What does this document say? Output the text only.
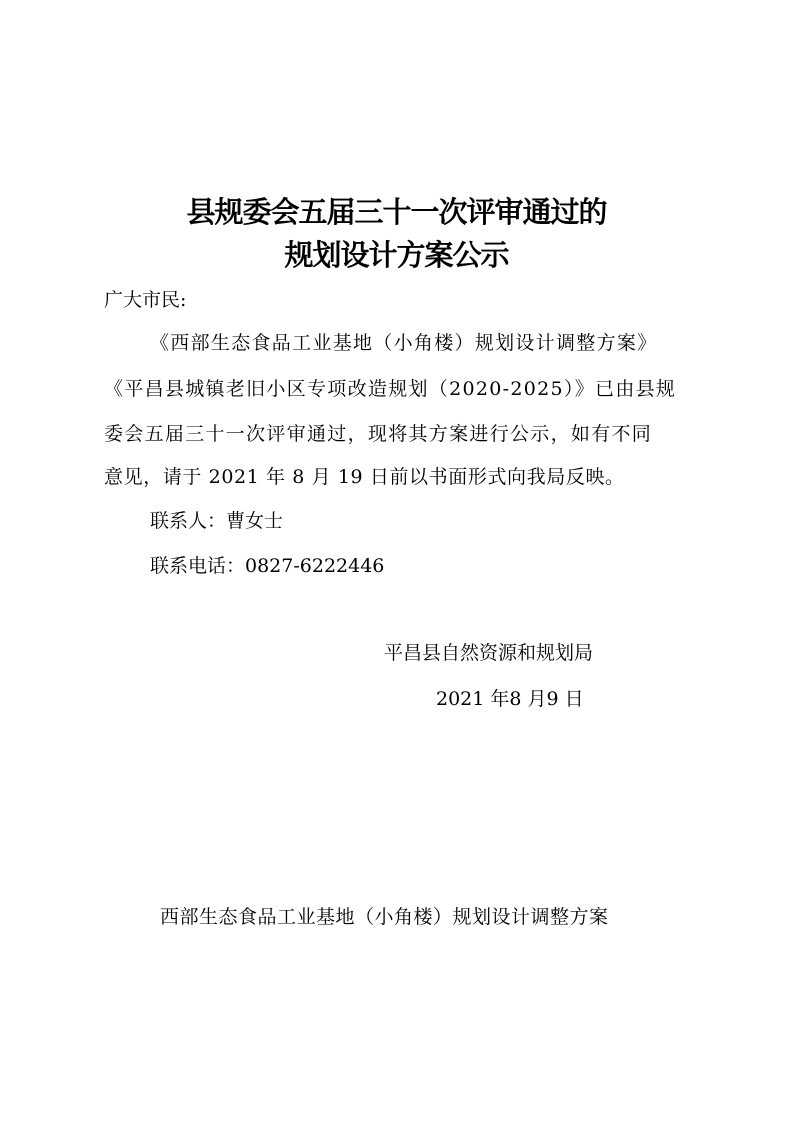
县规委会五届三十一次评审通过的
规划设计方案公示
广大市民:
《西部生态食品工业基地（小角楼）规划设计调整方案》
《平昌县城镇老旧小区专项改造规划（2020-2025）》已由县规
委会五届三十一次评审通过，现将其方案进行公示，如有不同
意见，请于 2021 年 8 月 19 日前以书面形式向我局反映。
联系人：曹女士
联系电话：0827-6222446
平昌县自然资源和规划局
2021 年8 月9 日
西部生态食品工业基地（小角楼）规划设计调整方案
